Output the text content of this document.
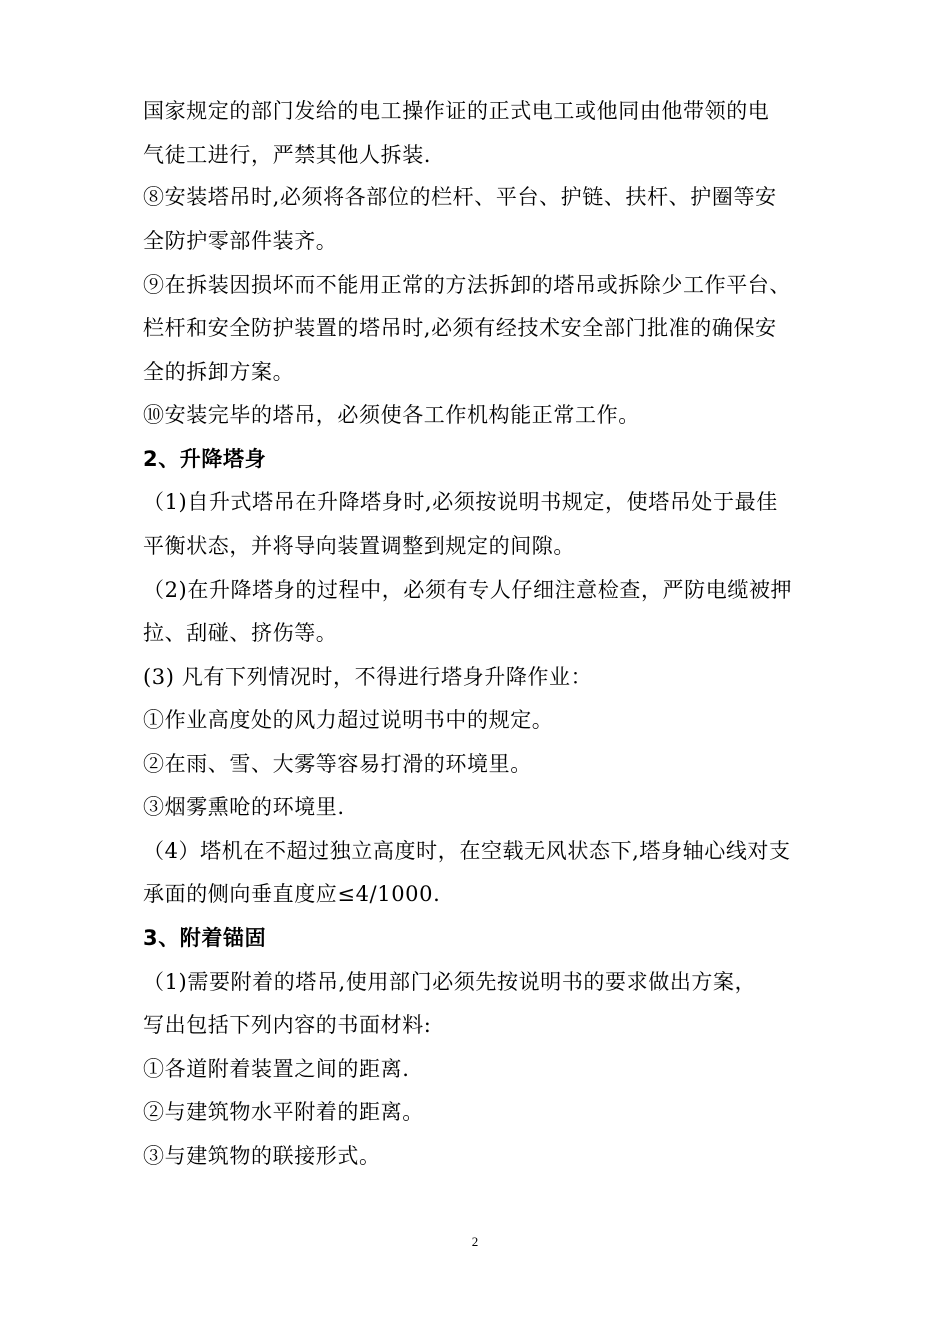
国家规定的部门发给的电工操作证的正式电工或他同由他带领的电
气徒工进行，严禁其他人拆装.
⑧安装塔吊时,必须将各部位的栏杆、平台、护链、扶杆、护圈等安
全防护零部件装齐。
⑨在拆装因损坏而不能用正常的方法拆卸的塔吊或拆除少工作平台、
栏杆和安全防护装置的塔吊时,必须有经技术安全部门批准的确保安
全的拆卸方案。
⑩安装完毕的塔吊，必须使各工作机构能正常工作。
2、升降塔身
（1)自升式塔吊在升降塔身时,必须按说明书规定，使塔吊处于最佳
平衡状态，并将导向装置调整到规定的间隙。
（2)在升降塔身的过程中，必须有专人仔细注意检查，严防电缆被押
拉、刮碰、挤伤等。
(3) 凡有下列情况时，不得进行塔身升降作业：
①作业高度处的风力超过说明书中的规定。
②在雨、雪、大雾等容易打滑的环境里。
③烟雾熏呛的环境里.
（4）塔机在不超过独立高度时，在空载无风状态下,塔身轴心线对支
承面的侧向垂直度应≤4/1000.
3、附着锚固
（1)需要附着的塔吊,使用部门必须先按说明书的要求做出方案，
写出包括下列内容的书面材料:
①各道附着装置之间的距离.
②与建筑物水平附着的距离。
③与建筑物的联接形式。
2
